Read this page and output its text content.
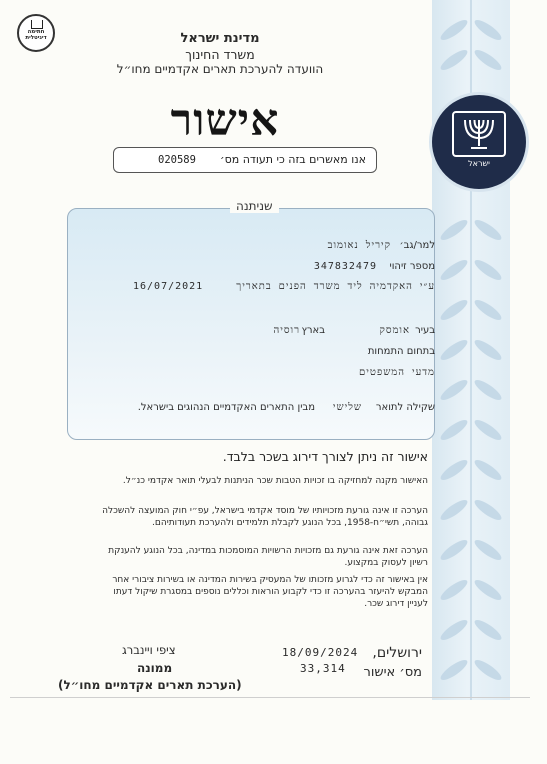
ישראל
חתימה דיגיטלית	מדינת ישראל
משרד החינוך
הוועדה להערכת תארים אקדמיים מחו״ל
אישור
אנו מאשרים בזה כי תעודה מס׳
020589
שניתנה
למר/גב׳
קיריל נאומוב
מספר זיהוי
347832479
ע״י האקדמיה ליד משרד הפנים בתאריך
16/07/2021
בעיר
אומסק
בארץ
רוסיה
בתחום התמחות
מדעי המשפטים
שקילה לתואר
שלישי
מבין התארים האקדמיים הנהוגים בישראל.
אישור זה ניתן לצורך דירוג בשכר בלבד.
האישור מקנה למחזיקה בו זכויות הטבות שכר הניתנות לבעלי תואר אקדמי כנ״ל.
הערכה זו אינה גורעת מזכויותיו של מוסד אקדמי בישראל, עפ״י חוק המועצה להשכלה גבוהה, תשי״ח-1958, בכל הנוגע לקבלת תלמידים ולהערכת תעודותיהם.
הערכה זאת אינה גורעת גם מזכויות הרשויות המוסמכות במדינה, בכל הנוגע להענקת רשיון לעסוק במקצוע.
אין באישור זה כדי לגרוע מזכותו של המעסיק בשירות המדינה או בשירות ציבורי אחר המבקש להיעזר בהערכה זו כדי לקבוע הוראות וכללים נוספים במסגרת שיקול דעתו לעניין דירוג שכר.
ירושלים,
18/09/2024
מס׳ אישור
33,314
ציפי ויינברג
ממונה
(הערכת תארים אקדמיים מחו״ל)
